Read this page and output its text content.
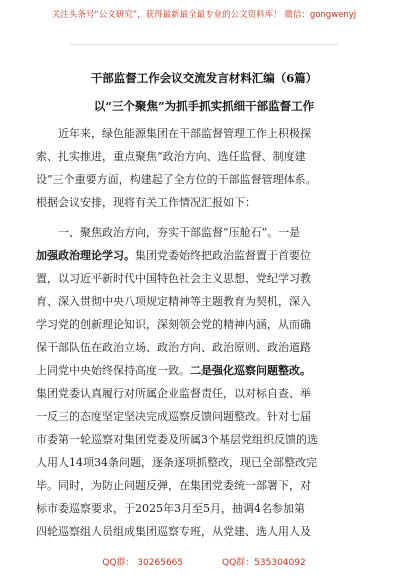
关注头条号“公文研究”，获得最新最全最专业的公文资料库！ 微信：gongwenyj
干部监督工作会议交流发言材料汇编（6篇）
以“三个聚焦”为抓手抓实抓细干部监督工作
近年来，绿色能源集团在干部监督管理工作上积极探
索、扎实推进，重点聚焦“政治方向、选任监督、制度建
设”三个重要方面，构建起了全方位的干部监督管理体系。
根据会议安排，现将有关工作情况汇报如下：
一、聚焦政治方向，夯实干部监督“压舱石”。一是
加强政治理论学习。集团党委始终把政治监督置于首要位
置，以习近平新时代中国特色社会主义思想、党纪学习教
育、深入贯彻中央八项规定精神等主题教育为契机，深入
学习党的创新理论知识，深刻领会党的精神内涵，从而确
保干部队伍在政治立场、政治方向、政治原则、政治道路
上同党中央始终保持高度一致。二是强化巡察问题整改。
集团党委认真履行对所属企业监督责任，以对标自查、举
一反三的态度坚定坚决完成巡察反馈问题整改。针对七届
市委第一轮巡察对集团党委及所属3个基层党组织反馈的选
人用人14项34条问题，逐条逐项抓整改，现已全部整改完
毕。同时，为防止问题反弹，在集团党委统一部署下，对
标市委巡察要求，于2025年3月至5月，抽调4名参加第
四轮巡察组人员组成集团巡察专班，从党建、选人用人及
QQ群： 30265665	QQ群：535304092
